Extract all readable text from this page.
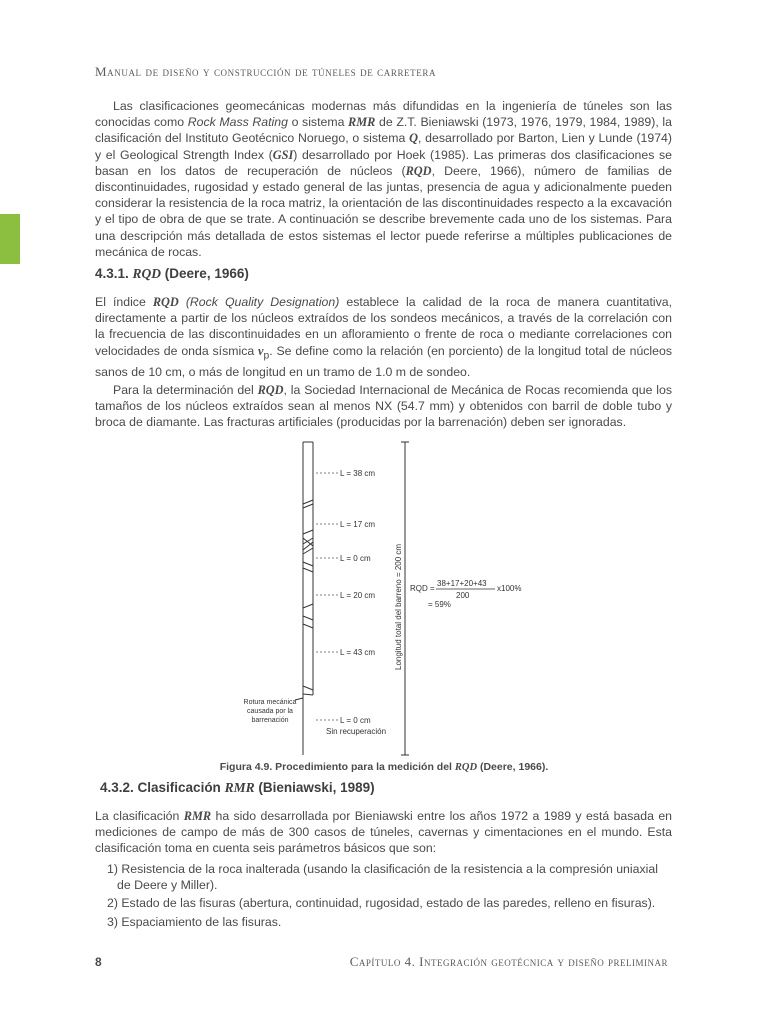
Manual de diseño y construcción de túneles de carretera
Las clasificaciones geomecánicas modernas más difundidas en la ingeniería de túneles son las conocidas como Rock Mass Rating o sistema RMR de Z.T. Bieniawski (1973, 1976, 1979, 1984, 1989), la clasificación del Instituto Geotécnico Noruego, o sistema Q, desarrollado por Barton, Lien y Lunde (1974) y el Geological Strength Index (GSI) desarrollado por Hoek (1985). Las primeras dos clasificaciones se basan en los datos de recuperación de núcleos (RQD, Deere, 1966), número de familias de discontinuidades, rugosidad y estado general de las juntas, presencia de agua y adicionalmente pueden considerar la resistencia de la roca matriz, la orientación de las discontinuidades respecto a la excavación y el tipo de obra de que se trate. A continuación se describe brevemente cada uno de los sistemas. Para una descripción más detallada de estos sistemas el lector puede referirse a múltiples publicaciones de mecánica de rocas.
4.3.1. RQD (Deere, 1966)
El índice RQD (Rock Quality Designation) establece la calidad de la roca de manera cuantitativa, directamente a partir de los núcleos extraídos de los sondeos mecánicos, a través de la correlación con la frecuencia de las discontinuidades en un afloramiento o frente de roca o mediante correlaciones con velocidades de onda sísmica $v_p$. Se define como la relación (en porciento) de la longitud total de núcleos sanos de 10 cm, o más de longitud en un tramo de 1.0 m de sondeo.
Para la determinación del RQD, la Sociedad Internacional de Mecánica de Rocas recomienda que los tamaños de los núcleos extraídos sean al menos NX (54.7 mm) y obtenidos con barril de doble tubo y broca de diamante. Las fracturas artificiales (producidas por la barrenación) deben ser ignoradas.
L = 38 cm
L = 17 cm
L = 0 cm
L = 20 cm
L = 43 cm
L = 0 cm
Sin recuperación
Rotura mecánica
causada por la
barrenación
Longitud total del barreno = 200 cm RQD =
38+17+20+43
200
x100%
= 59%
Figura 4.9. Procedimiento para la medición del RQD (Deere, 1966).
4.3.2. Clasificación RMR (Bieniawski, 1989)
La clasificación RMR ha sido desarrollada por Bieniawski entre los años 1972 a 1989 y está basada en mediciones de campo de más de 300 casos de túneles, cavernas y cimentaciones en el mundo. Esta clasificación toma en cuenta seis parámetros básicos que son:
1) Resistencia de la roca inalterada (usando la clasificación de la resistencia a la compresión uniaxial de Deere y Miller).
2) Estado de las fisuras (abertura, continuidad, rugosidad, estado de las paredes, relleno en fisuras).
3) Espaciamiento de las fisuras.
8	Capítulo 4. Integración geotécnica y diseño preliminar
